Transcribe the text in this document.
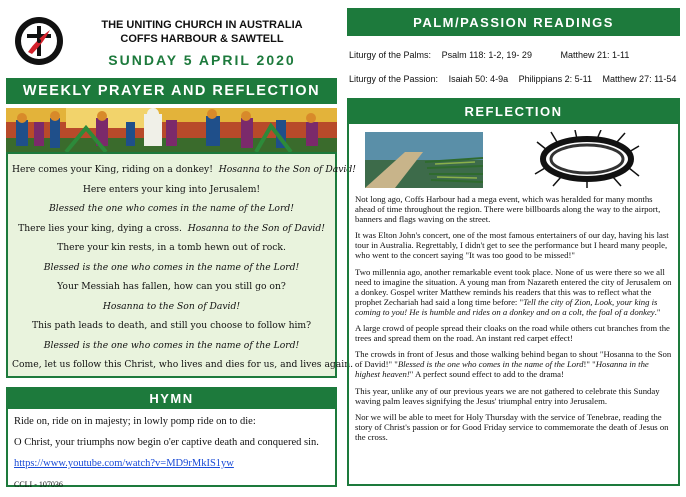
THE UNITING CHURCH IN AUSTRALIA
COFFS HARBOUR & SAWTELL
SUNDAY 5 APRIL 2020
WEEKLY PRAYER AND REFLECTION
Here comes your King, riding on a donkey! Hosanna to the Son of David!
Here enters your king into Jerusalem!
Blessed the one who comes in the name of the Lord!
There lies your king, dying a cross. Hosanna to the Son of David!
There your kin rests, in a tomb hewn out of rock.
Blessed is the one who comes in the name of the Lord!
Your Messiah has fallen, how can you still go on?
Hosanna to the Son of David!
This path leads to death, and still you choose to follow him?
Blessed is the one who comes in the name of the Lord!
Come, let us follow this Christ, who lives and dies for us, and lives again.
HYMN

Ride on, ride on in majesty; in lowly pomp ride on to die:

O Christ, your triumphs now begin o'er captive death and conquered sin.

https://www.youtube.com/watch?v=MD9rMkIS1yw

CCLI - 107036

PALM/PASSION READINGS
Liturgy of the Palms: Psalm 118: 1-2, 19- 29	Matthew 21: 1-11
Liturgy of the Passion: Isaiah 50: 4-9a Philippians 2: 5-11 Matthew 27: 11-54
REFLECTION

Not long ago, Coffs Harbour had a mega event, which was heralded for many months ahead of time throughout the region. There were billboards along the way to the airport, banners and flags waving on the street.

It was Elton John's concert, one of the most famous entertainers of our day, having his last tour in Australia. Regrettably, I didn't get to see the performance but I heard many people, who went to the concert saying "It was too good to be missed!"

Two millennia ago, another remarkable event took place. None of us were there so we all need to imagine the situation. A young man from Nazareth entered the city of Jerusalem on a donkey. Gospel writer Matthew reminds his readers that this was to reflect what the prophet Zechariah had said a long time before: "Tell the city of Zion, Look, your king is coming to you! He is humble and rides on a donkey and on a colt, the foal of a donkey."

A large crowd of people spread their cloaks on the road while others cut branches from the trees and spread them on the road. An instant red carpet effect!

The crowds in front of Jesus and those walking behind began to shout "Hosanna to the Son of David!" "Blessed is the one who comes in the name of the Lord!" "Hosanna in the highest heaven!" A perfect sound effect to add to the drama!

This year, unlike any of our previous years we are not gathered to celebrate this Sunday waving palm leaves signifying the Jesus' triumphal entry into Jerusalem.

Nor we will be able to meet for Holy Thursday with the service of Tenebrae, reading the story of Christ's passion or for Good Friday service to commemorate the death of Jesus on the cross.
